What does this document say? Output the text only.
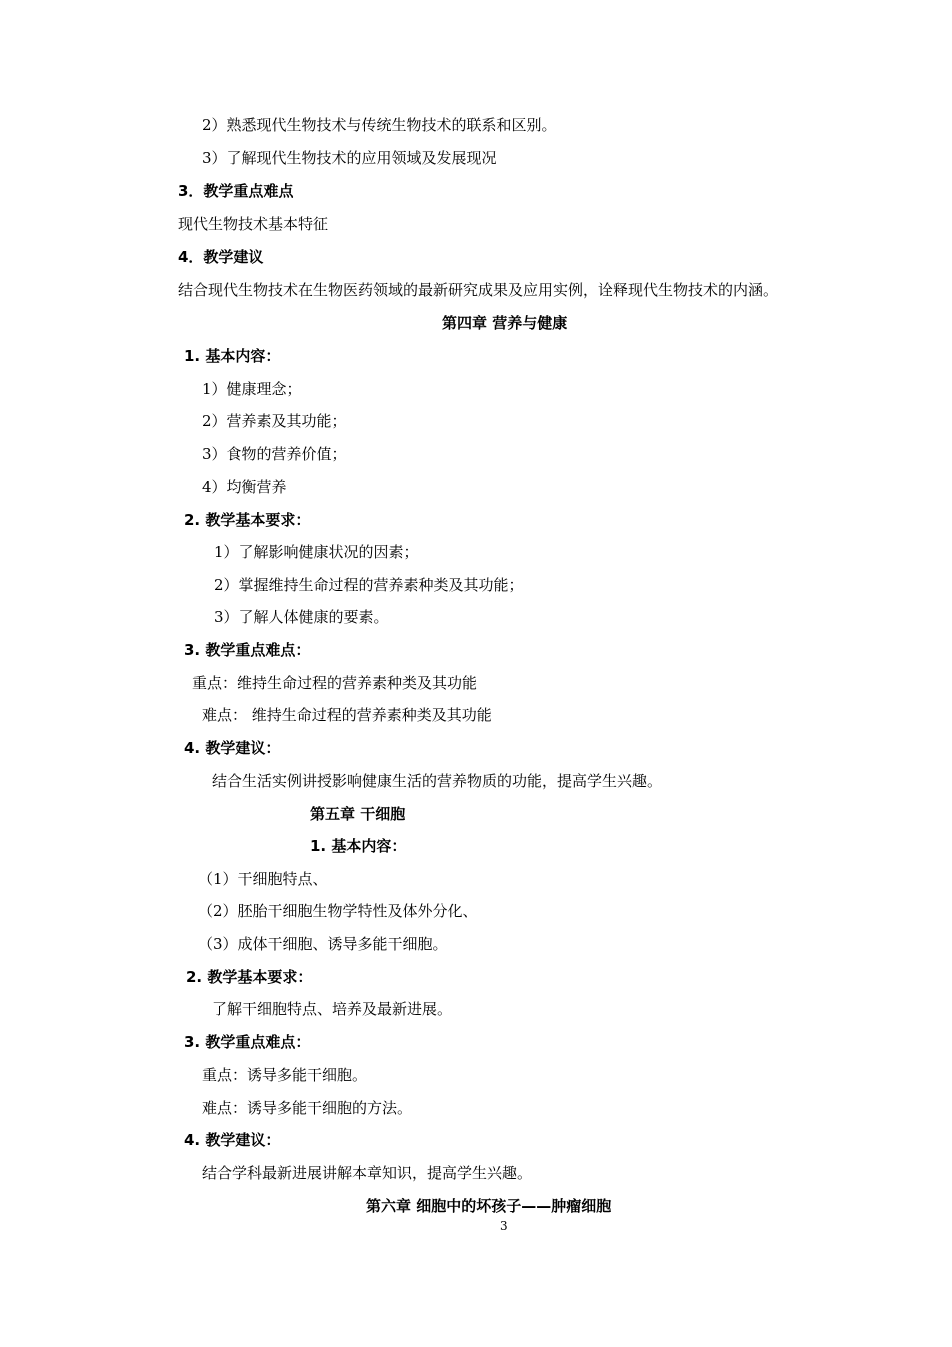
2）熟悉现代生物技术与传统生物技术的联系和区别。
3）了解现代生物技术的应用领域及发展现况
3．教学重点难点
现代生物技术基本特征
4．教学建议
结合现代生物技术在生物医药领域的最新研究成果及应用实例，诠释现代生物技术的内涵。
第四章 营养与健康
1. 基本内容：
1）健康理念；
2）营养素及其功能；
3）食物的营养价值；
4）均衡营养
2. 教学基本要求：
1）了解影响健康状况的因素；
2）掌握维持生命过程的营养素种类及其功能；
3）了解人体健康的要素。
3. 教学重点难点：
重点：维持生命过程的营养素种类及其功能
难点： 维持生命过程的营养素种类及其功能
4. 教学建议：
结合生活实例讲授影响健康生活的营养物质的功能，提高学生兴趣。
第五章 干细胞
1. 基本内容：
（1）干细胞特点、
（2）胚胎干细胞生物学特性及体外分化、
（3）成体干细胞、诱导多能干细胞。
2. 教学基本要求：
了解干细胞特点、培养及最新进展。
3. 教学重点难点：
重点：诱导多能干细胞。
难点：诱导多能干细胞的方法。
4. 教学建议：
结合学科最新进展讲解本章知识，提高学生兴趣。
第六章 细胞中的坏孩子——肿瘤细胞
3
